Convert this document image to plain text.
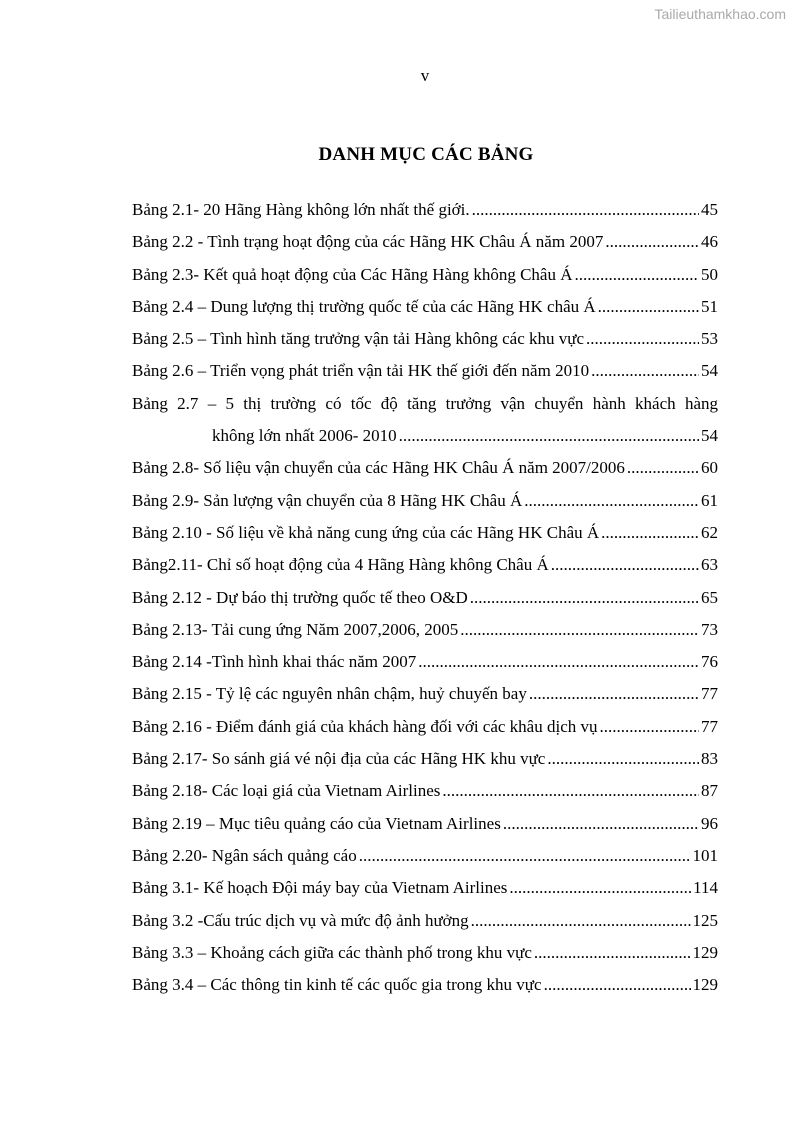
Tailieuthamkhao.com
v
DANH MỤC CÁC BẢNG
Bảng 2.1- 20 Hãng Hàng không lớn nhất thế giới. .....	45
Bảng 2.2 - Tình trạng hoạt động của các Hãng HK Châu Á năm 2007 .....	46
Bảng 2.3- Kết quả hoạt động của Các Hãng Hàng không Châu Á .....	50
Bảng 2.4 – Dung lượng thị trường quốc tế của các Hãng HK châu Á .....	51
Bảng 2.5 – Tình hình tăng trưởng vận tải Hàng không các khu vực .....	53
Bảng 2.6 – Triển vọng phát triển vận tải HK thế giới đến năm 2010 .....	54
Bảng 2.7 – 5 thị trường có tốc độ tăng trưởng vận chuyển hành khách hàng
không lớn nhất 2006- 2010 .....	54
Bảng 2.8- Số liệu vận chuyển của các Hãng HK Châu Á năm 2007/2006 .....	60
Bảng 2.9- Sản lượng vận chuyển của 8 Hãng HK Châu Á .....	61
Bảng 2.10 - Số liệu về khả năng cung ứng của các Hãng HK Châu Á .....	62
Bảng2.11- Chỉ số hoạt động của 4 Hãng Hàng không Châu Á .....	63
Bảng 2.12 - Dự báo thị trường quốc tế theo O&D .....	65
Bảng 2.13- Tải cung ứng Năm 2007,2006, 2005 .....	73
Bảng 2.14 -Tình hình khai thác năm 2007 .....	76
Bảng 2.15 - Tỷ lệ các nguyên nhân chậm, huỷ chuyến bay .....	77
Bảng 2.16 - Điểm đánh giá của khách hàng đối với các khâu dịch vụ .....	77
Bảng 2.17- So sánh giá vé nội địa của các Hãng HK khu vực .....	83
Bảng 2.18- Các loại giá của Vietnam Airlines .....	87
Bảng 2.19 – Mục tiêu quảng cáo của Vietnam Airlines .....	96
Bảng 2.20- Ngân sách quảng cáo .....	101
Bảng 3.1- Kế hoạch Đội máy bay của Vietnam Airlines .....	114
Bảng 3.2 -Cấu trúc dịch vụ và mức độ ảnh hưởng .....	125
Bảng 3.3 – Khoảng cách giữa các thành phố trong khu vực .....	129
Bảng 3.4 – Các thông tin kinh tế các quốc gia trong khu vực .....	129
